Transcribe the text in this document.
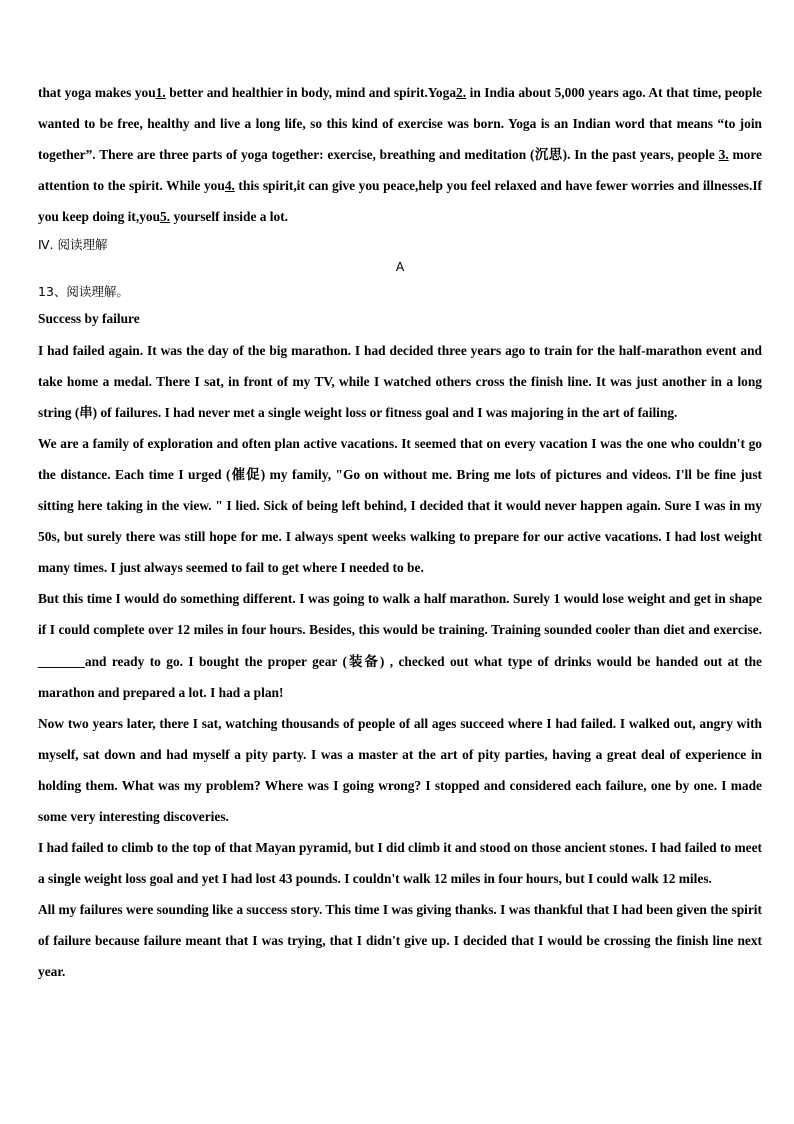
that yoga makes you1. better and healthier in body, mind and spirit.Yoga2. in India about 5,000 years ago. At that time, people wanted to be free, healthy and live a long life, so this kind of exercise was born. Yoga is an Indian word that means “to join together”. There are three parts of yoga together: exercise, breathing and meditation (沉思). In the past years, people 3. more attention to the spirit. While you4. this spirit,it can give you peace,help you feel relaxed and have fewer worries and illnesses.If you keep doing it,you5. yourself inside a lot.

Ⅳ. 阅读理解

A

13、阅读理解。

Success by failure

I had failed again. It was the day of the big marathon. I had decided three years ago to train for the half-marathon event and take home a medal. There I sat, in front of my TV, while I watched others cross the finish line. It was just another in a long string (串) of failures. I had never met a single weight loss or fitness goal and I was majoring in the art of failing.

We are a family of exploration and often plan active vacations. It seemed that on every vacation I was the one who couldn't go the distance. Each time I urged (催促) my family, "Go on without me. Bring me lots of pictures and videos. I'll be fine just sitting here taking in the view. " I lied. Sick of being left behind, I decided that it would never happen again. Sure I was in my 50s, but surely there was still hope for me. I always spent weeks walking to prepare for our active vacations. I had lost weight many times. I just always seemed to fail to get where I needed to be.

But this time I would do something different. I was going to walk a half marathon. Surely 1 would lose weight and get in shape if I could complete over 12 miles in four hours. Besides, this would be training. Training sounded cooler than diet and exercise. _______and ready to go. I bought the proper gear (装备) , checked out what type of drinks would be handed out at the marathon and prepared a lot. I had a plan!

Now two years later, there I sat, watching thousands of people of all ages succeed where I had failed. I walked out, angry with myself, sat down and had myself a pity party. I was a master at the art of pity parties, having a great deal of experience in holding them. What was my problem? Where was I going wrong? I stopped and considered each failure, one by one. I made some very interesting discoveries.

I had failed to climb to the top of that Mayan pyramid, but I did climb it and stood on those ancient stones. I had failed to meet a single weight loss goal and yet I had lost 43 pounds. I couldn't walk 12 miles in four hours, but I could walk 12 miles.

All my failures were sounding like a success story. This time I was giving thanks. I was thankful that I had been given the spirit of failure because failure meant that I was trying, that I didn't give up. I decided that I would be crossing the finish line next year.
